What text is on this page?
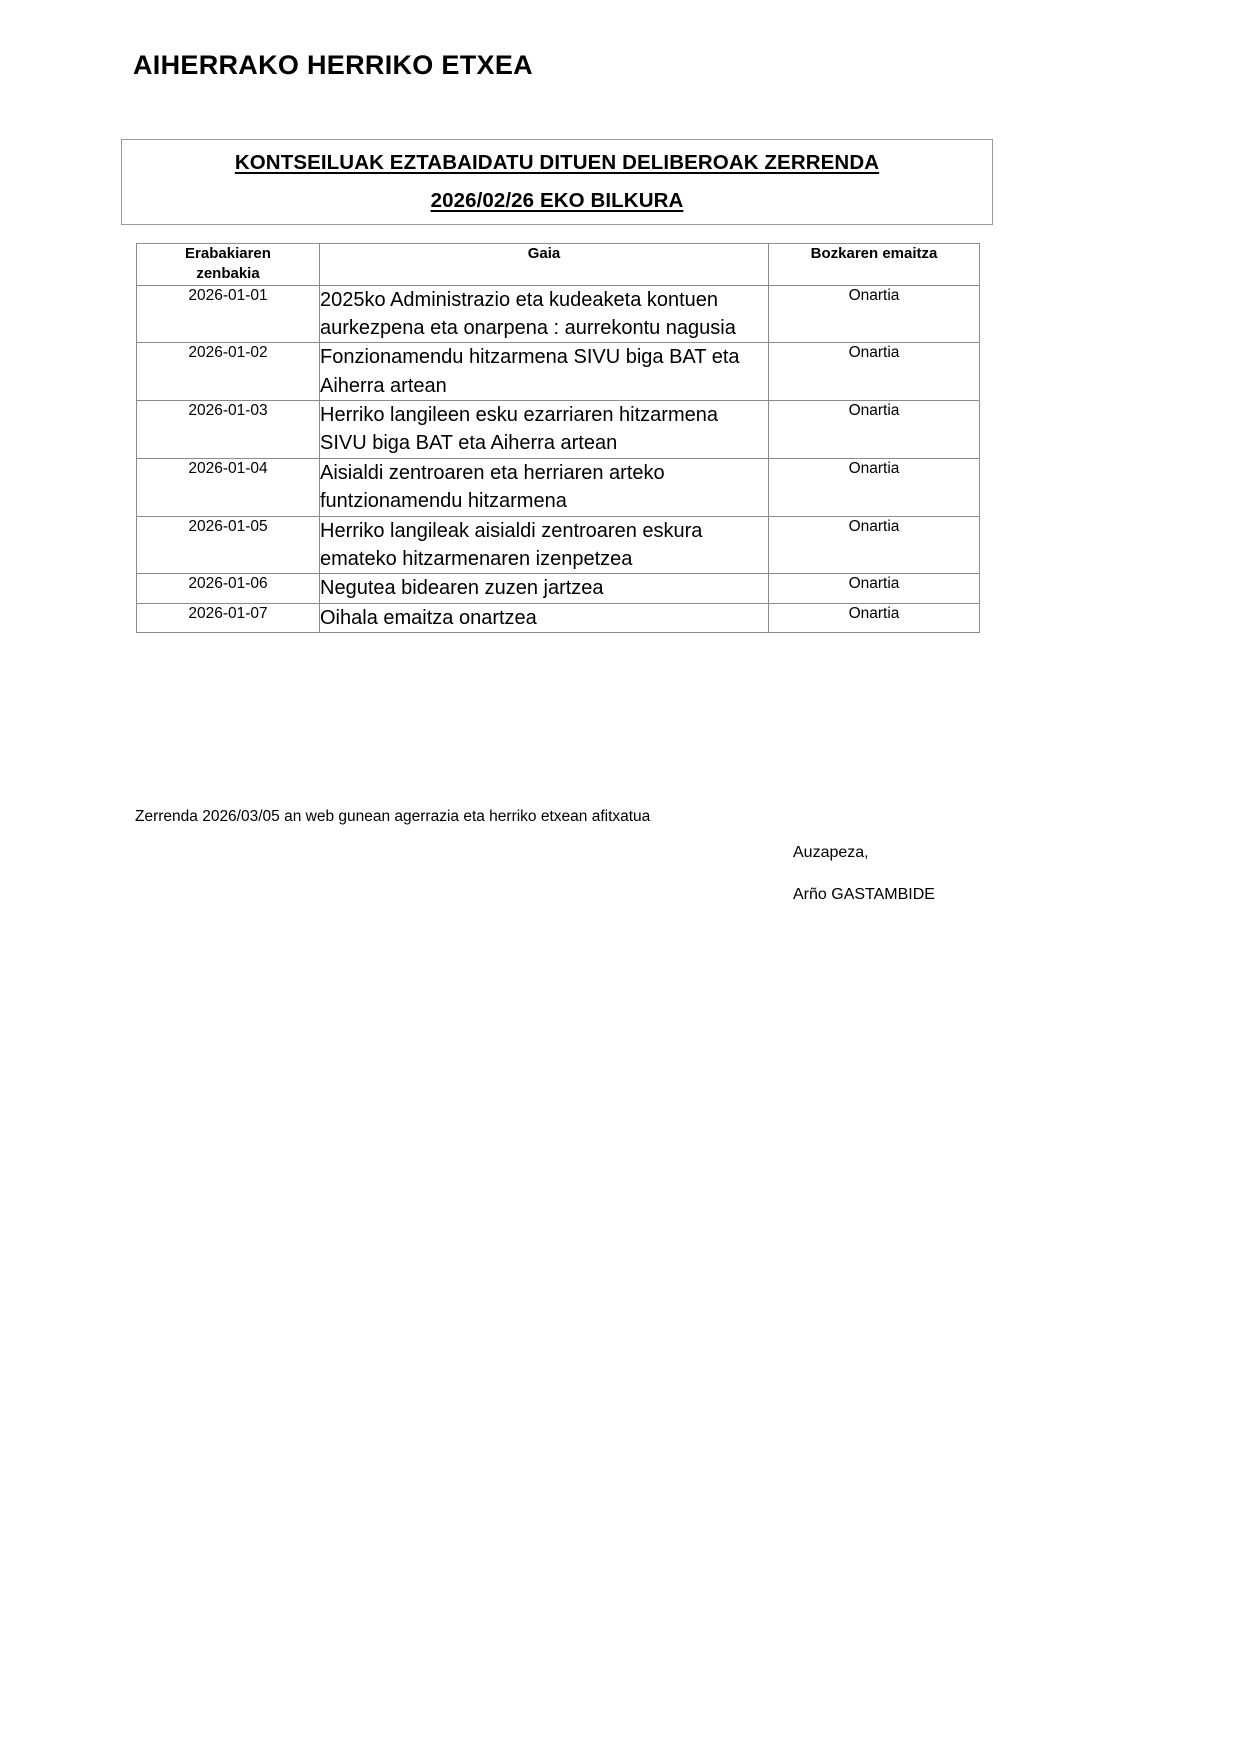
AIHERRAKO HERRIKO ETXEA
KONTSEILUAK EZTABAIDATU DITUEN DELIBEROAK ZERRENDA
2026/02/26 EKO BILKURA
Erabakiaren
zenbakia	Gaia	Bozkaren emaitza
2026-01-01	2025ko Administrazio eta kudeaketa kontuen aurkezpena eta onarpena : aurrekontu nagusia	Onartia
2026-01-02	Fonzionamendu hitzarmena SIVU biga BAT eta Aiherra artean	Onartia
2026-01-03	Herriko langileen esku ezarriaren hitzarmena SIVU biga BAT eta Aiherra artean	Onartia
2026-01-04	Aisialdi zentroaren eta herriaren arteko funtzionamendu hitzarmena	Onartia
2026-01-05	Herriko langileak aisialdi zentroaren eskura emateko hitzarmenaren izenpetzea	Onartia
2026-01-06	Negutea bidearen zuzen jartzea	Onartia
2026-01-07	Oihala emaitza onartzea	Onartia
Zerrenda 2026/03/05 an web gunean agerrazia eta herriko etxean afitxatua
Auzapeza,
Arño GASTAMBIDE
